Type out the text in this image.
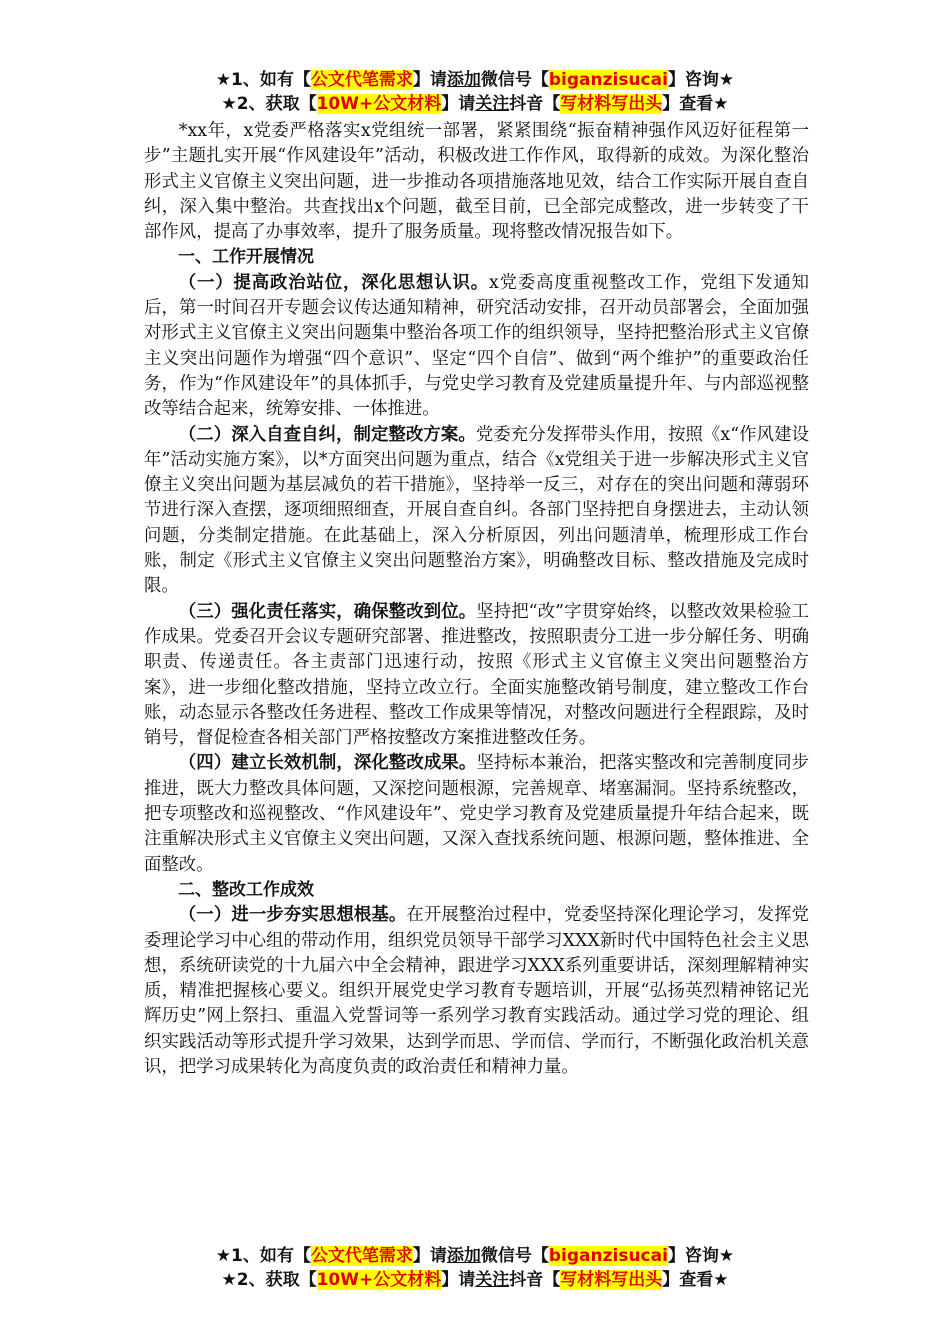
★1、如有【公文代笔需求】请添加微信号【biganzisucai】咨询★
★2、获取【10W+公文材料】请关注抖音【写材料写出头】查看★

*xx年，x党委严格落实x党组统一部署，紧紧围绕“振奋精神强作风迈好征程第一步”主题扎实开展“作风建设年”活动，积极改进工作作风，取得新的成效。为深化整治形式主义官僚主义突出问题，进一步推动各项措施落地见效，结合工作实际开展自查自纠，深入集中整治。共查找出x个问题，截至目前，已全部完成整改，进一步转变了干部作风，提高了办事效率，提升了服务质量。现将整改情况报告如下。

一、工作开展情况

（一）提高政治站位，深化思想认识。x党委高度重视整改工作，党组下发通知后，第一时间召开专题会议传达通知精神，研究活动安排，召开动员部署会，全面加强对形式主义官僚主义突出问题集中整治各项工作的组织领导，坚持把整治形式主义官僚主义突出问题作为增强“四个意识”、坚定“四个自信”、做到“两个维护”的重要政治任务，作为“作风建设年”的具体抓手，与党史学习教育及党建质量提升年、与内部巡视整改等结合起来，统筹安排、一体推进。

（二）深入自查自纠，制定整改方案。党委充分发挥带头作用，按照《x“作风建设年”活动实施方案》，以*方面突出问题为重点，结合《x党组关于进一步解决形式主义官僚主义突出问题为基层减负的若干措施》，坚持举一反三，对存在的突出问题和薄弱环节进行深入查摆，逐项细照细查，开展自查自纠。各部门坚持把自身摆进去，主动认领问题，分类制定措施。在此基础上，深入分析原因，列出问题清单，梳理形成工作台账，制定《形式主义官僚主义突出问题整治方案》，明确整改目标、整改措施及完成时限。

（三）强化责任落实，确保整改到位。坚持把“改”字贯穿始终，以整改效果检验工作成果。党委召开会议专题研究部署、推进整改，按照职责分工进一步分解任务、明确职责、传递责任。各主责部门迅速行动，按照《形式主义官僚主义突出问题整治方案》，进一步细化整改措施，坚持立改立行。全面实施整改销号制度，建立整改工作台账，动态显示各整改任务进程、整改工作成果等情况，对整改问题进行全程跟踪，及时销号，督促检查各相关部门严格按整改方案推进整改任务。

（四）建立长效机制，深化整改成果。坚持标本兼治，把落实整改和完善制度同步推进，既大力整改具体问题，又深挖问题根源，完善规章、堵塞漏洞。坚持系统整改，把专项整改和巡视整改、“作风建设年”、党史学习教育及党建质量提升年结合起来，既注重解决形式主义官僚主义突出问题，又深入查找系统问题、根源问题，整体推进、全面整改。

二、整改工作成效

（一）进一步夯实思想根基。在开展整治过程中，党委坚持深化理论学习，发挥党委理论学习中心组的带动作用，组织党员领导干部学习XXX新时代中国特色社会主义思想，系统研读党的十九届六中全会精神，跟进学习XXX系列重要讲话，深刻理解精神实质，精准把握核心要义。组织开展党史学习教育专题培训，开展“弘扬英烈精神铭记光辉历史”网上祭扫、重温入党誓词等一系列学习教育实践活动。通过学习党的理论、组织实践活动等形式提升学习效果，达到学而思、学而信、学而行，不断强化政治机关意识，把学习成果转化为高度负责的政治责任和精神力量。

★1、如有【公文代笔需求】请添加微信号【biganzisucai】咨询★
★2、获取【10W+公文材料】请关注抖音【写材料写出头】查看★
